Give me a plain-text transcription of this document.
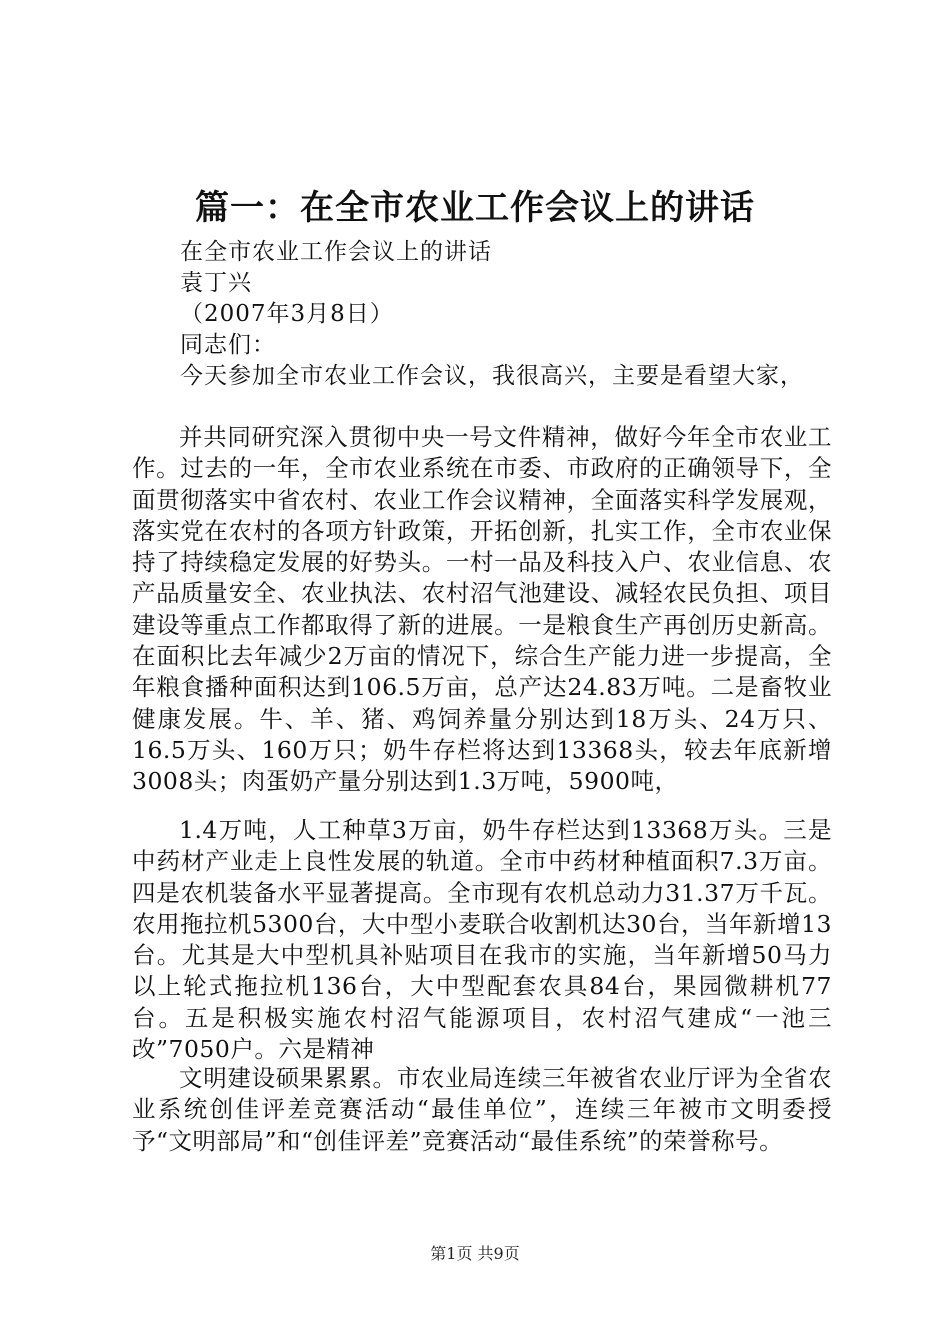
篇一：在全市农业工作会议上的讲话
在全市农业工作会议上的讲话
袁丁兴
（2007年3月8日）
同志们：
今天参加全市农业工作会议，我很高兴，主要是看望大家，

并共同研究深入贯彻中央一号文件精神，做好今年全市农业工作。过去的一年，全市农业系统在市委、市政府的正确领导下，全面贯彻落实中省农村、农业工作会议精神，全面落实科学发展观，落实党在农村的各项方针政策，开拓创新，扎实工作，全市农业保持了持续稳定发展的好势头。一村一品及科技入户、农业信息、农产品质量安全、农业执法、农村沼气池建设、减轻农民负担、项目建设等重点工作都取得了新的进展。一是粮食生产再创历史新高。在面积比去年减少2万亩的情况下，综合生产能力进一步提高，全年粮食播种面积达到106.5万亩，总产达24.83万吨。二是畜牧业健康发展。牛、羊、猪、鸡饲养量分别达到18万头、24万只、16.5万头、160万只；奶牛存栏将达到13368头，较去年底新增3008头；肉蛋奶产量分别达到1.3万吨，5900吨，

1.4万吨，人工种草3万亩，奶牛存栏达到13368万头。三是中药材产业走上良性发展的轨道。全市中药材种植面积7.3万亩。四是农机装备水平显著提高。全市现有农机总动力31.37万千瓦。农用拖拉机5300台，大中型小麦联合收割机达30台，当年新增13台。尤其是大中型机具补贴项目在我市的实施，当年新增50马力以上轮式拖拉机136台，大中型配套农具84台，果园微耕机77台。五是积极实施农村沼气能源项目，农村沼气建成“一池三改”7050户。六是精神

文明建设硕果累累。市农业局连续三年被省农业厅评为全省农业系统创佳评差竞赛活动“最佳单位”，连续三年被市文明委授予“文明部局”和“创佳评差”竞赛活动“最佳系统”的荣誉称号。

第1页 共9页
